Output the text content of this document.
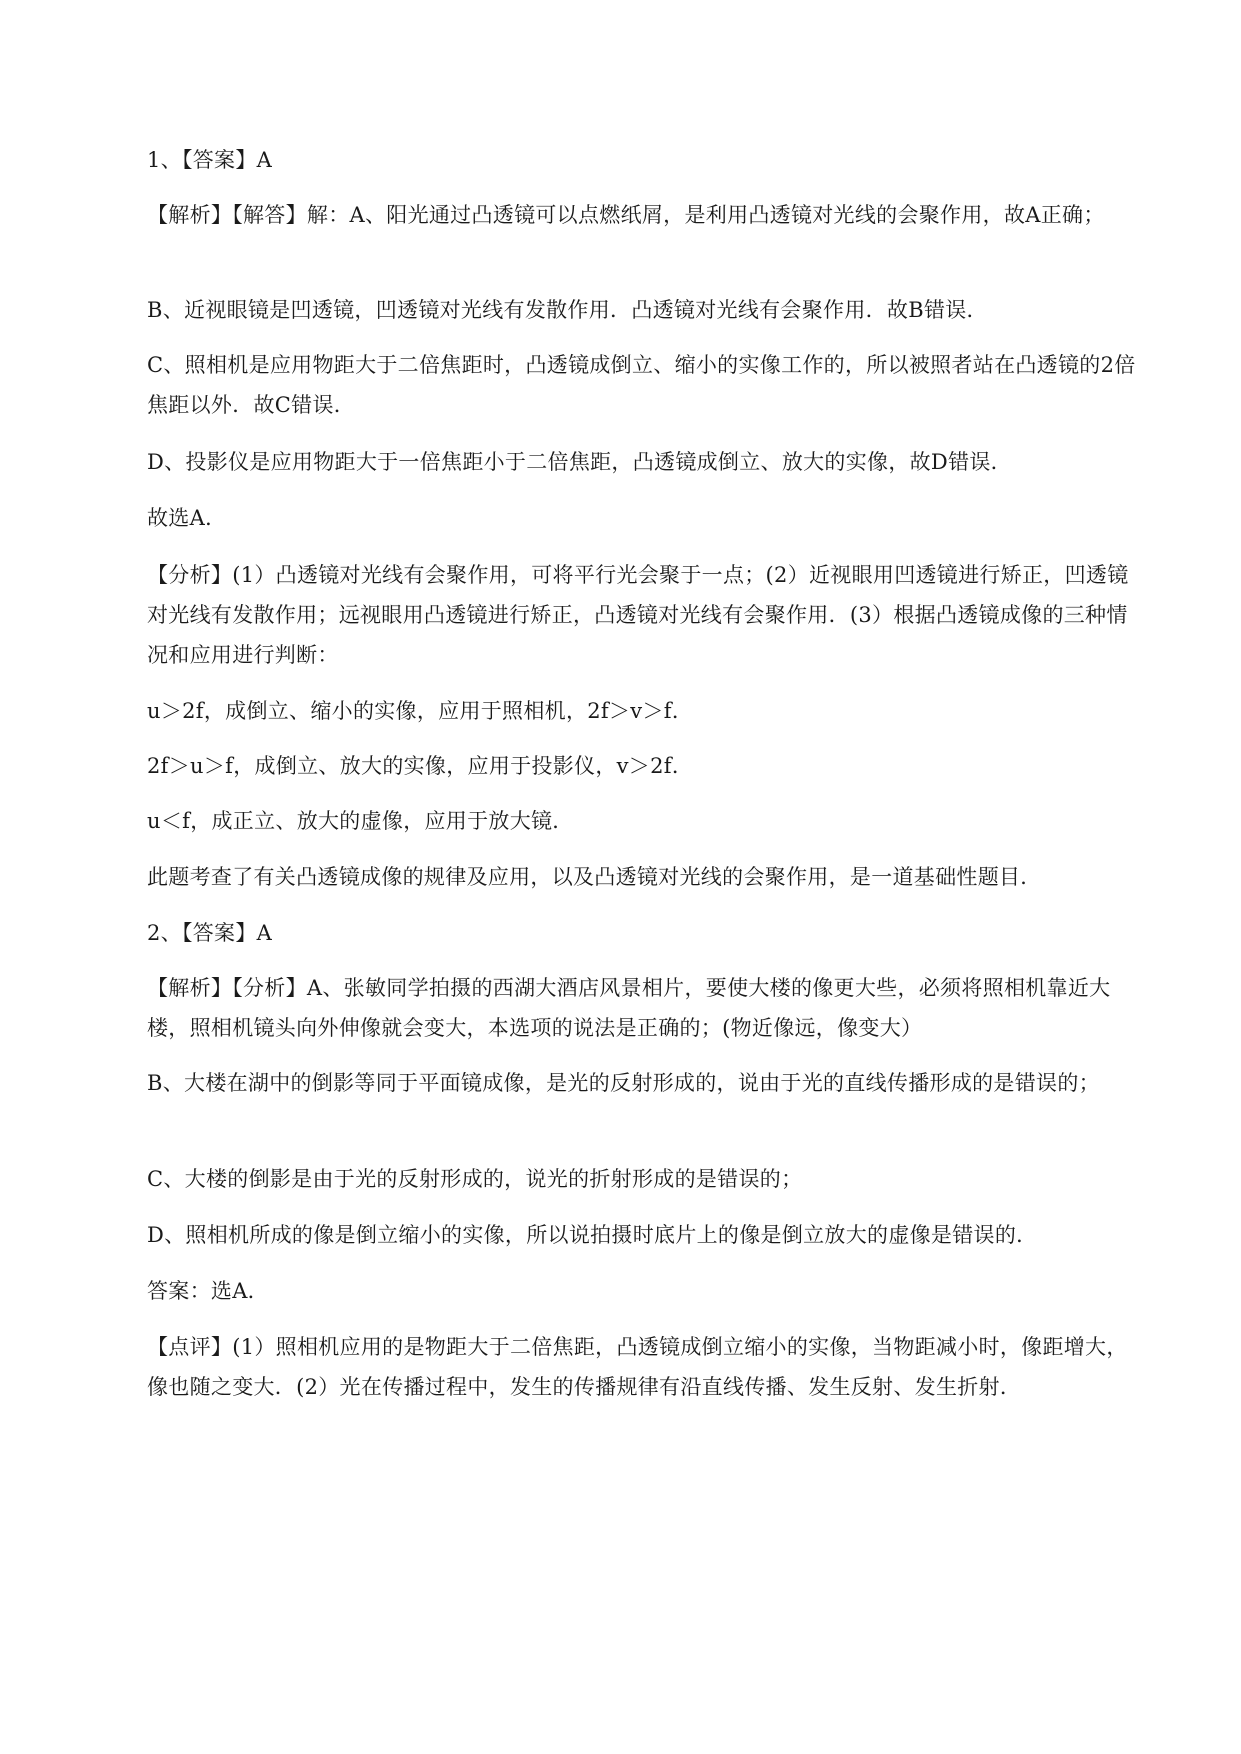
1、【答案】A
【解析】【解答】解：A、阳光通过凸透镜可以点燃纸屑，是利用凸透镜对光线的会聚作用，故A正确；
B、近视眼镜是凹透镜，凹透镜对光线有发散作用．凸透镜对光线有会聚作用．故B错误．
C、照相机是应用物距大于二倍焦距时，凸透镜成倒立、缩小的实像工作的，所以被照者站在凸透镜的2倍焦距以外．故C错误．
D、投影仪是应用物距大于一倍焦距小于二倍焦距，凸透镜成倒立、放大的实像，故D错误．
故选A．
【分析】(1）凸透镜对光线有会聚作用，可将平行光会聚于一点；(2）近视眼用凹透镜进行矫正，凹透镜对光线有发散作用；远视眼用凸透镜进行矫正，凸透镜对光线有会聚作用．(3）根据凸透镜成像的三种情况和应用进行判断：
u＞2f，成倒立、缩小的实像，应用于照相机，2f＞v＞f．
2f＞u＞f，成倒立、放大的实像，应用于投影仪，v＞2f．
u＜f，成正立、放大的虚像，应用于放大镜．
此题考查了有关凸透镜成像的规律及应用，以及凸透镜对光线的会聚作用，是一道基础性题目．
2、【答案】A
【解析】【分析】A、张敏同学拍摄的西湖大酒店风景相片，要使大楼的像更大些，必须将照相机靠近大楼，照相机镜头向外伸像就会变大，本选项的说法是正确的；(物近像远，像变大）
B、大楼在湖中的倒影等同于平面镜成像，是光的反射形成的，说由于光的直线传播形成的是错误的；
C、大楼的倒影是由于光的反射形成的，说光的折射形成的是错误的；
D、照相机所成的像是倒立缩小的实像，所以说拍摄时底片上的像是倒立放大的虚像是错误的．
答案：选A．
【点评】(1）照相机应用的是物距大于二倍焦距，凸透镜成倒立缩小的实像，当物距减小时，像距增大，像也随之变大．(2）光在传播过程中，发生的传播规律有沿直线传播、发生反射、发生折射．
